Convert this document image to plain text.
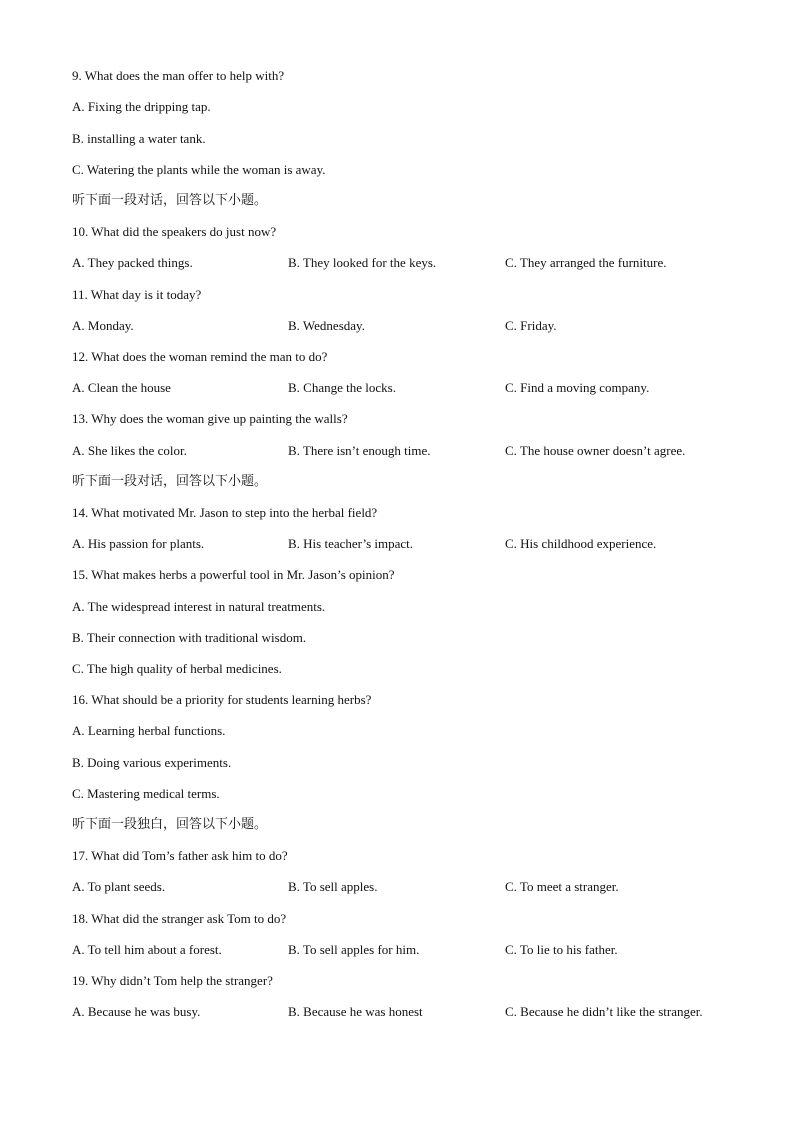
9. What does the man offer to help with?
A. Fixing the dripping tap.
B. installing a water tank.
C. Watering the plants while the woman is away.
听下面一段对话，回答以下小题。
10. What did the speakers do just now?
A. They packed things.	B. They looked for the keys.	C. They arranged the furniture.
11. What day is it today?
A. Monday.	B. Wednesday.	C. Friday.
12. What does the woman remind the man to do?
A. Clean the house	B. Change the locks.	C. Find a moving company.
13. Why does the woman give up painting the walls?
A. She likes the color.	B. There isn’t enough time.	C. The house owner doesn’t agree.
听下面一段对话，回答以下小题。
14. What motivated Mr. Jason to step into the herbal field?
A. His passion for plants.	B. His teacher’s impact.	C. His childhood experience.
15. What makes herbs a powerful tool in Mr. Jason’s opinion?
A. The widespread interest in natural treatments.
B. Their connection with traditional wisdom.
C. The high quality of herbal medicines.
16. What should be a priority for students learning herbs?
A. Learning herbal functions.
B. Doing various experiments.
C. Mastering medical terms.
听下面一段独白，回答以下小题。
17. What did Tom’s father ask him to do?
A. To plant seeds.	B. To sell apples.	C. To meet a stranger.
18. What did the stranger ask Tom to do?
A. To tell him about a forest.	B. To sell apples for him.	C. To lie to his father.
19. Why didn’t Tom help the stranger?
A. Because he was busy.	B. Because he was honest	C. Because he didn’t like the stranger.
